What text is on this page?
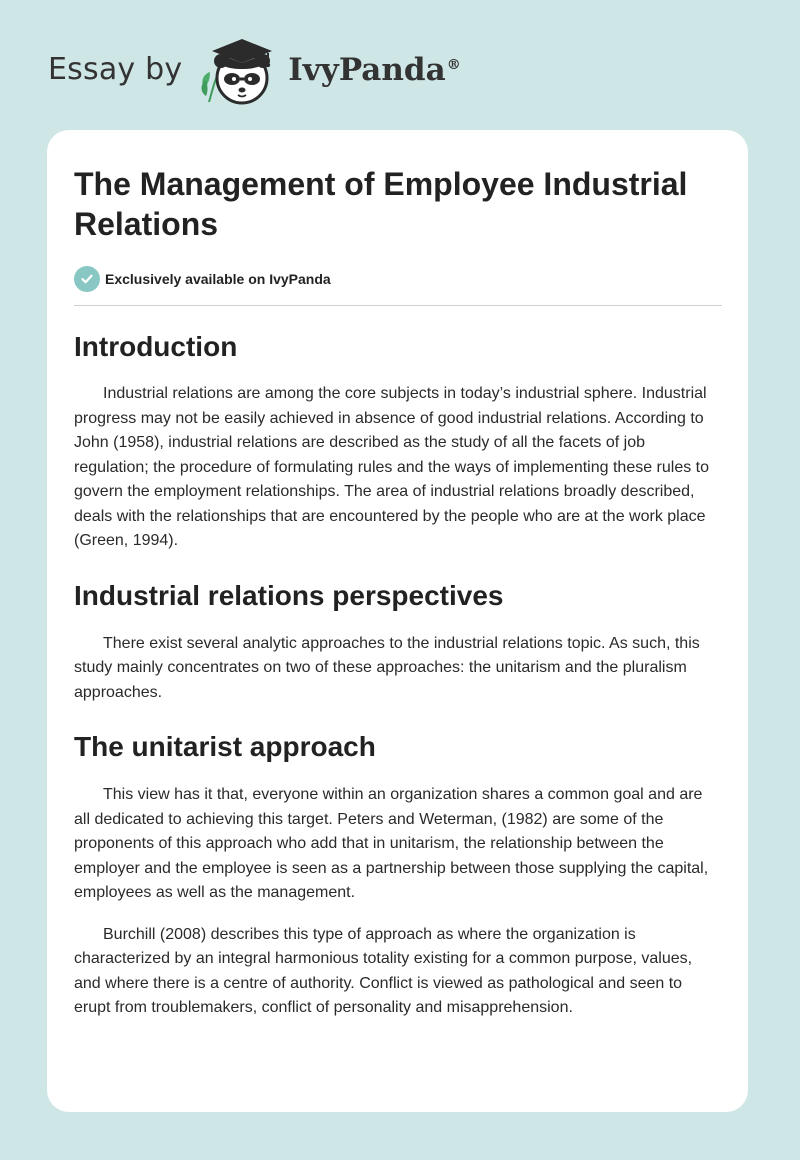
Essay by	IvyPanda®
The Management of Employee Industrial Relations
Exclusively available on IvyPanda
Introduction

Industrial relations are among the core subjects in today’s industrial sphere. Industrial progress may not be easily achieved in absence of good industrial relations. According to John (1958), industrial relations are described as the study of all the facets of job regulation; the procedure of formulating rules and the ways of implementing these rules to govern the employment relationships. The area of industrial relations broadly described, deals with the relationships that are encountered by the people who are at the work place (Green, 1994).

Industrial relations perspectives

There exist several analytic approaches to the industrial relations topic. As such, this study mainly concentrates on two of these approaches: the unitarism and the pluralism approaches.

The unitarist approach

This view has it that, everyone within an organization shares a common goal and are all dedicated to achieving this target. Peters and Weterman, (1982) are some of the proponents of this approach who add that in unitarism, the relationship between the employer and the employee is seen as a partnership between those supplying the capital, employees as well as the management.

Burchill (2008) describes this type of approach as where the organization is characterized by an integral harmonious totality existing for a common purpose, values, and where there is a centre of authority. Conflict is viewed as pathological and seen to erupt from troublemakers, conflict of personality and misapprehension.
